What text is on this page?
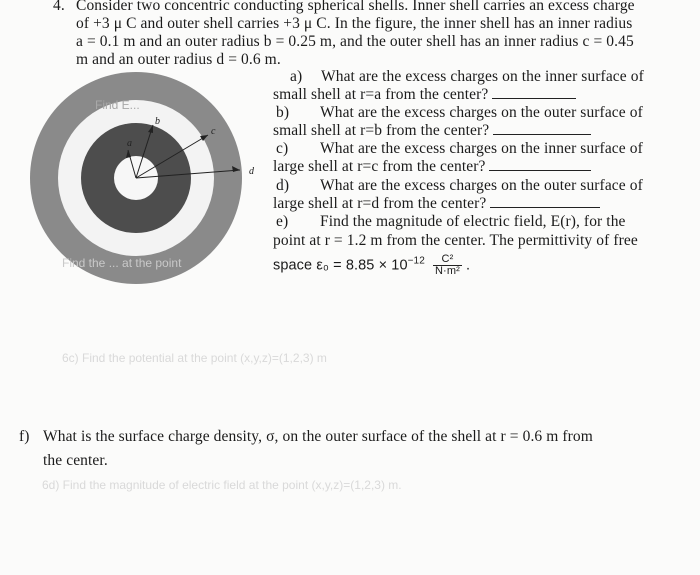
4. Consider two concentric conducting spherical shells. Inner shell carries an excess charge
of +3 μ C and outer shell carries +3 μ C. In the figure, the inner shell has an inner radius
a = 0.1 m and an outer radius b = 0.25 m, and the outer shell has an inner radius c = 0.45
m and an outer radius d = 0.6 m.
a
b
c
d
Find E...
Find the ... at the point
6c) Find the potential at the point (x,y,z)=(1,2,3) m
6d) Find the magnitude of electric field at the point (x,y,z)=(1,2,3) m.
a) What are the excess charges on the inner surface of
small shell at r=a from the center?
b) What are the excess charges on the outer surface of
small shell at r=b from the center?
c) What are the excess charges on the inner surface of
large shell at r=c from the center?
d) What are the excess charges on the outer surface of
large shell at r=d from the center?
e) Find the magnitude of electric field, E(r), for the
point at r = 1.2 m from the center. The permittivity of free
space $\varepsilon_0 = 8.85 \times 10^{-12} \frac{\text{C²}}{\text{N·m²}}$ .
f) What is the surface charge density, σ, on the outer surface of the shell at r = 0.6 m from
the center.
